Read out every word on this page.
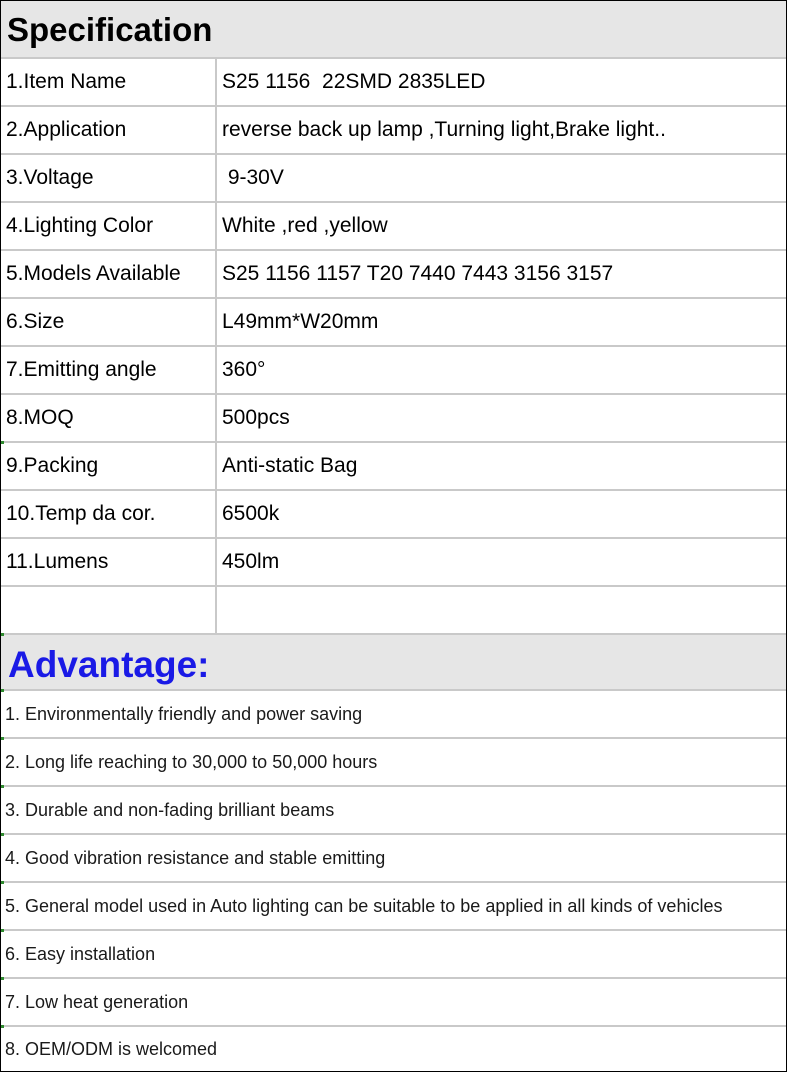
Specification
1.Item Name	S25 1156  22SMD 2835LED
2.Application	reverse back up lamp ,Turning light,Brake light..
3.Voltage	9-30V
4.Lighting Color	White ,red ,yellow
5.Models Available S25 1156 1157 T20 7440 7443 3156 3157
6.Size	L49mm*W20mm
7.Emitting angle	360°
8.MOQ	500pcs
9.Packing	Anti-static Bag
10.Temp da cor.	6500k
11.Lumens	450lm
Advantage:
1. Environmentally friendly and power saving
2. Long life reaching to 30,000 to 50,000 hours
3. Durable and non-fading brilliant beams
4. Good vibration resistance and stable emitting
5. General model used in Auto lighting can be suitable to be applied in all kinds of vehicles
6. Easy installation
7. Low heat generation
8. OEM/ODM is welcomed
